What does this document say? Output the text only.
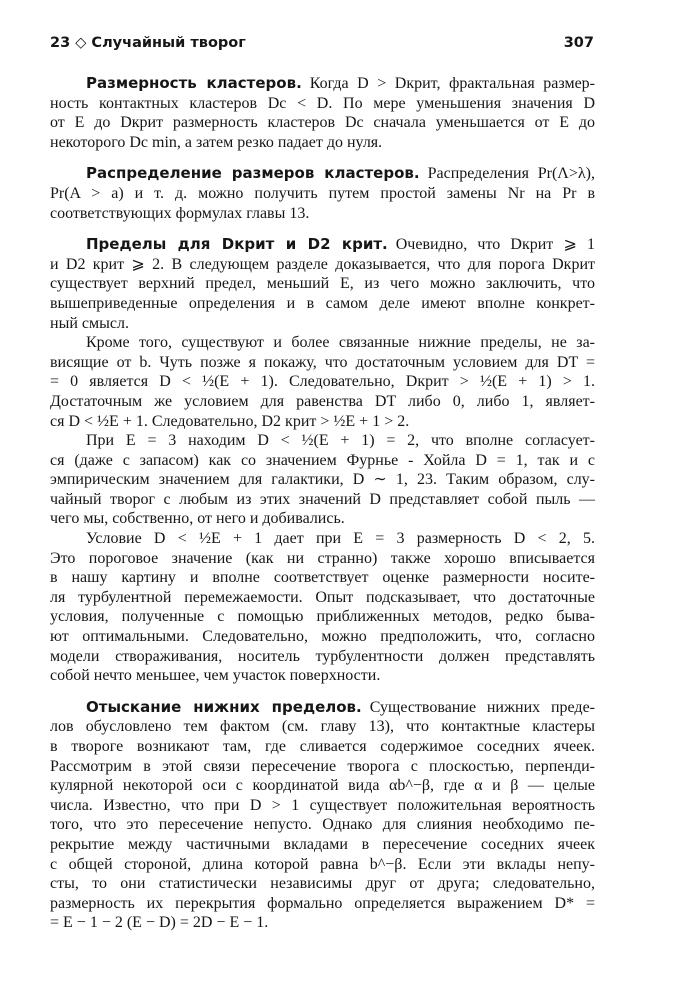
23 ◇ Случайный творог	307
Размерность кластеров. Когда D > Dкрит, фрактальная размер-
ность контактных кластеров Dc < D. По мере уменьшения значения D
от E до Dкрит размерность кластеров Dc сначала уменьшается от E до
некоторого Dc min, а затем резко падает до нуля.
Распределение размеров кластеров. Распределения Pr(Λ>λ),
Pr(A > a) и т. д. можно получить путем простой замены Nr на Pr в
соответствующих формулах главы 13.
Пределы для Dкрит и D2 крит. Очевидно, что Dкрит ⩾ 1
и D2 крит ⩾ 2. В следующем разделе доказывается, что для порога Dкрит
существует верхний предел, меньший E, из чего можно заключить, что
вышеприведенные определения и в самом деле имеют вполне конкрет-
ный смысл.
Кроме того, существуют и более связанные нижние пределы, не за-
висящие от b. Чуть позже я покажу, что достаточным условием для DT =
= 0 является D < ½(E + 1). Следовательно, Dкрит > ½(E + 1) > 1.
Достаточным же условием для равенства DT либо 0, либо 1, являет-
ся D < ½E + 1. Следовательно, D2 крит > ½E + 1 > 2.
При E = 3 находим D < ½(E + 1) = 2, что вполне согласует-
ся (даже с запасом) как со значением Фурнье - Хойла D = 1, так и с
эмпирическим значением для галактики, D ∼ 1, 23. Таким образом, слу-
чайный творог с любым из этих значений D представляет собой пыль —
чего мы, собственно, от него и добивались.
Условие D < ½E + 1 дает при E = 3 размерность D < 2, 5.
Это пороговое значение (как ни странно) также хорошо вписывается
в нашу картину и вполне соответствует оценке размерности носите-
ля турбулентной перемежаемости. Опыт подсказывает, что достаточные
условия, полученные с помощью приближенных методов, редко быва-
ют оптимальными. Следовательно, можно предположить, что, согласно
модели створаживания, носитель турбулентности должен представлять
собой нечто меньшее, чем участок поверхности.
Отыскание нижних пределов. Существование нижних преде-
лов обусловлено тем фактом (см. главу 13), что контактные кластеры
в твороге возникают там, где сливается содержимое соседних ячеек.
Рассмотрим в этой связи пересечение творога с плоскостью, перпенди-
кулярной некоторой оси с координатой вида αb^−β, где α и β — целые
числа. Известно, что при D > 1 существует положительная вероятность
того, что это пересечение непусто. Однако для слияния необходимо пе-
рекрытие между частичными вкладами в пересечение соседних ячеек
с общей стороной, длина которой равна b^−β. Если эти вклады непу-
сты, то они статистически независимы друг от друга; следовательно,
размерность их перекрытия формально определяется выражением D* =
= E − 1 − 2 (E − D) = 2D − E − 1.
